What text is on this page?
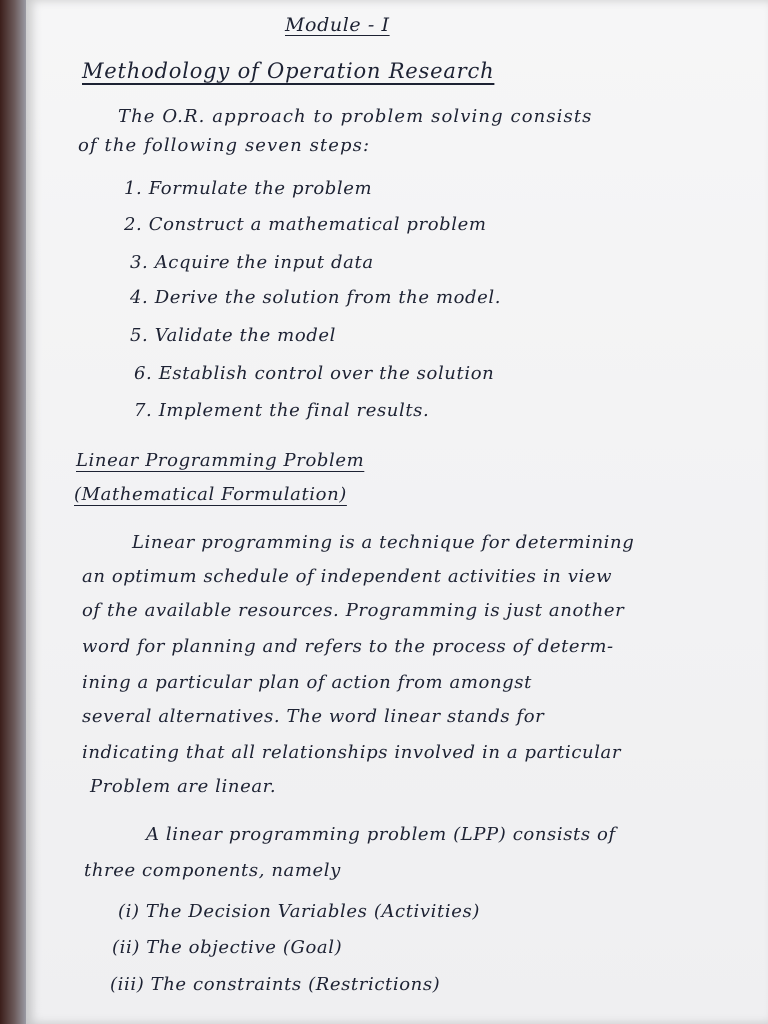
Module - I
Methodology of Operation Research
The O.R. approach to problem solving consists
of the following seven steps:
1. Formulate the problem
2. Construct a mathematical problem
3. Acquire the input data
4. Derive the solution from the model.
5. Validate the model
6. Establish control over the solution
7. Implement the final results.
Linear Programming Problem
(Mathematical Formulation)
Linear programming is a technique for determining
an optimum schedule of independent activities in view
of the available resources. Programming is just another
word for planning and refers to the process of determ-
ining a particular plan of action from amongst
several alternatives. The word linear stands for
indicating that all relationships involved in a particular
Problem are linear.
A linear programming problem (LPP) consists of
three components, namely
(i) The Decision Variables (Activities)
(ii) The objective (Goal)
(iii) The constraints (Restrictions)
